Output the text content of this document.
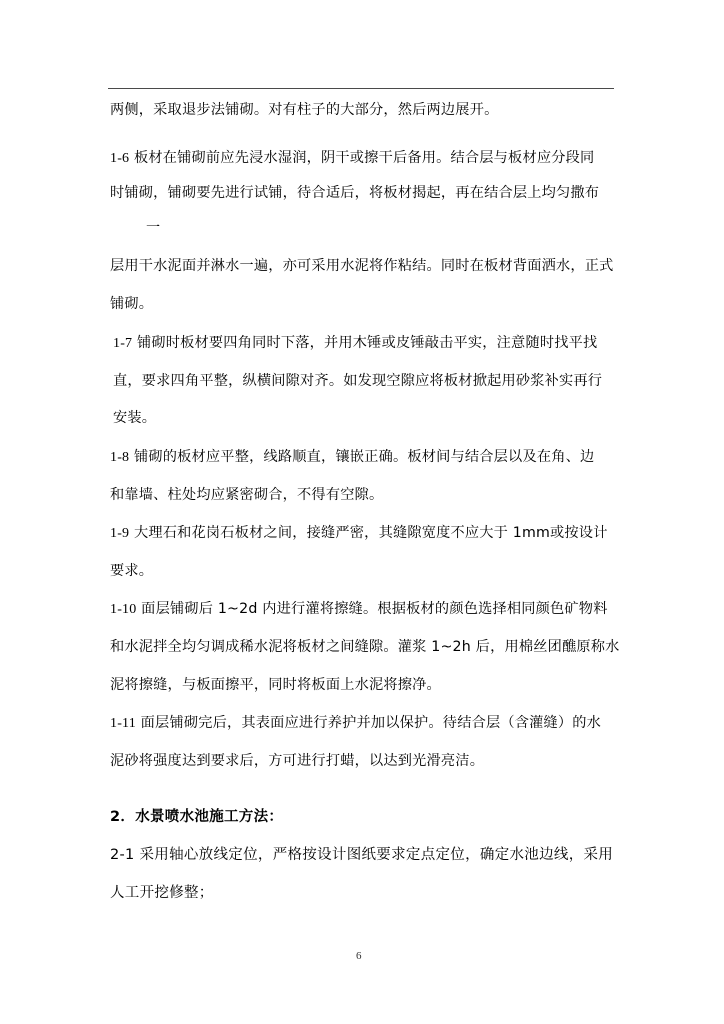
两侧，采取退步法铺砌。对有柱子的大部分，然后两边展开。
1-6 板材在铺砌前应先浸水湿润，阴干或擦干后备用。结合层与板材应分段同
时铺砌，铺砌要先进行试铺，待合适后，将板材揭起，再在结合层上均匀撒布
一
层用干水泥面并淋水一遍，亦可采用水泥将作粘结。同时在板材背面洒水，正式
铺砌。
1-7 铺砌时板材要四角同时下落，并用木锤或皮锤敲击平实，注意随时找平找
直，要求四角平整，纵横间隙对齐。如发现空隙应将板材掀起用砂浆补实再行
安装。
1-8 铺砌的板材应平整，线路顺直，镶嵌正确。板材间与结合层以及在角、边
和靠墙、柱处均应紧密砌合，不得有空隙。
1-9 大理石和花岗石板材之间，接缝严密，其缝隙宽度不应大于 1mm或按设计
要求。
1-10 面层铺砌后 1~2d 内进行灌将擦缝。根据板材的颜色选择相同颜色矿物料
和水泥拌全均匀调成稀水泥将板材之间缝隙。灌浆 1~2h 后，用棉丝团醮原称水
泥将擦缝，与板面擦平，同时将板面上水泥将擦净。
1-11 面层铺砌完后，其表面应进行养护并加以保护。待结合层（含灌缝）的水
泥砂将强度达到要求后，方可进行打蜡，以达到光滑亮洁。
2．水景喷水池施工方法：
2-1 采用轴心放线定位，严格按设计图纸要求定点定位，确定水池边线，采用
人工开挖修整；
6
